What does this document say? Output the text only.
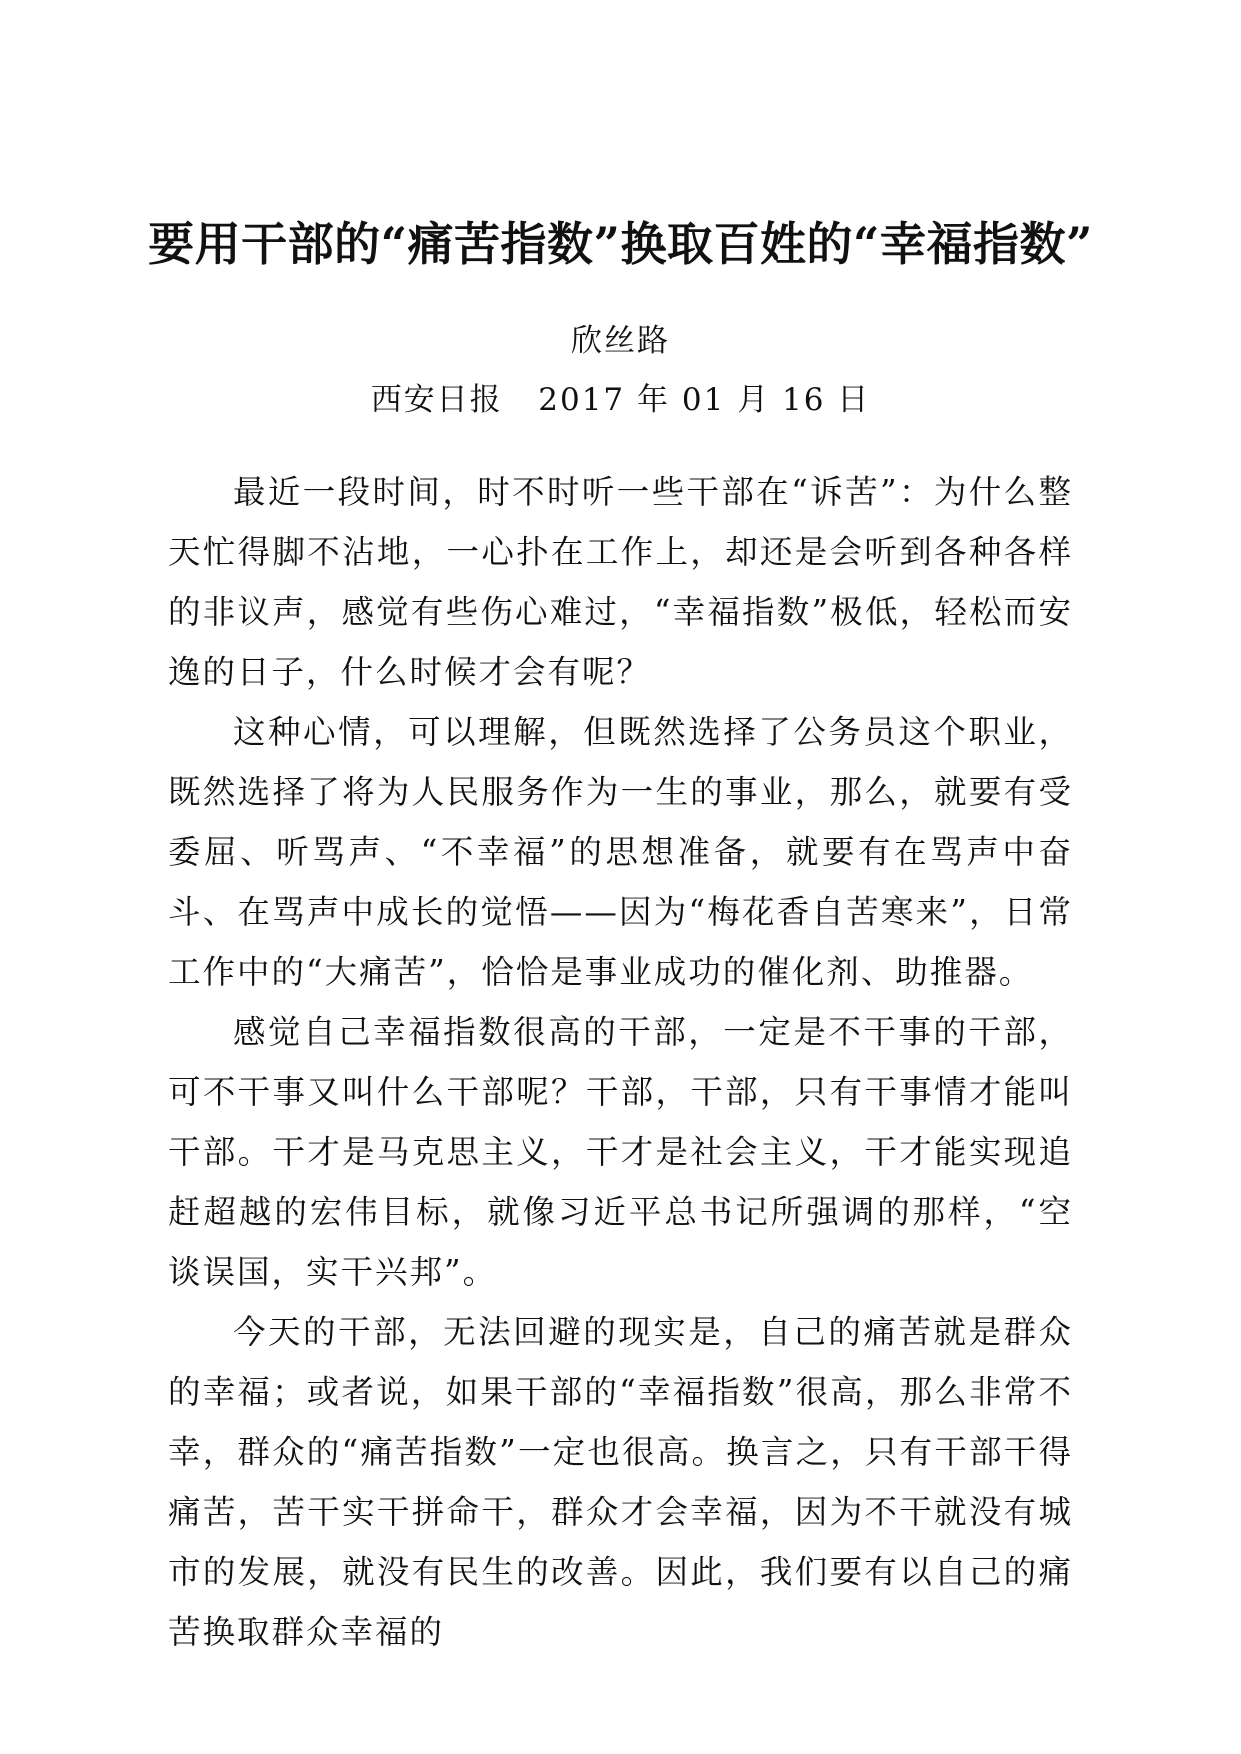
要用干部的“痛苦指数”换取百姓的“幸福指数”
欣丝路
西安日报   2017 年 01 月 16 日

最近一段时间，时不时听一些干部在“诉苦”：为什么整天忙得脚不沾地，一心扑在工作上，却还是会听到各种各样的非议声，感觉有些伤心难过，“幸福指数”极低，轻松而安逸的日子，什么时候才会有呢？

这种心情，可以理解，但既然选择了公务员这个职业，既然选择了将为人民服务作为一生的事业，那么，就要有受委屈、听骂声、“不幸福”的思想准备，就要有在骂声中奋斗、在骂声中成长的觉悟——因为“梅花香自苦寒来”，日常工作中的“大痛苦”，恰恰是事业成功的催化剂、助推器。

感觉自己幸福指数很高的干部，一定是不干事的干部，可不干事又叫什么干部呢？干部，干部，只有干事情才能叫干部。干才是马克思主义，干才是社会主义，干才能实现追赶超越的宏伟目标，就像习近平总书记所强调的那样，“空谈误国，实干兴邦”。

今天的干部，无法回避的现实是，自己的痛苦就是群众的幸福；或者说，如果干部的“幸福指数”很高，那么非常不幸，群众的“痛苦指数”一定也很高。换言之，只有干部干得痛苦，苦干实干拼命干，群众才会幸福，因为不干就没有城市的发展，就没有民生的改善。因此，我们要有以自己的痛苦换取群众幸福的
